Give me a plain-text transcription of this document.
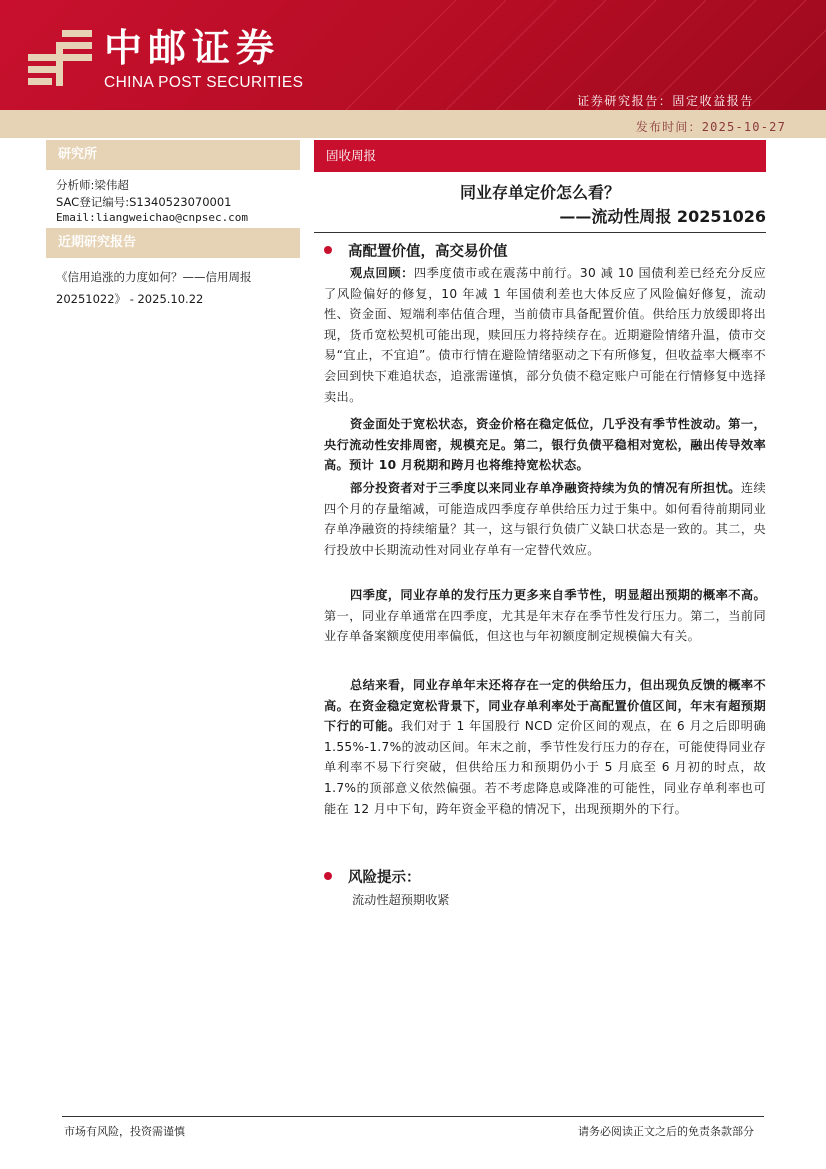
中邮证券
CHINA POST SECURITIES
证券研究报告：固定收益报告
发布时间：2025-10-27
研究所
分析师:梁伟超
SAC登记编号:S1340523070001
Email:liangweichao@cnpsec.com
近期研究报告
《信用追涨的力度如何？——信用周报
20251022》 - 2025.10.22
固收周报
同业存单定价怎么看？
——流动性周报 20251026
高配置价值，高交易价值

观点回顾：四季度债市或在震荡中前行。30 减 10 国债利差已经充分反应了风险偏好的修复，10 年减 1 年国债利差也大体反应了风险偏好修复，流动性、资金面、短端利率估值合理，当前债市具备配置价值。供给压力放缓即将出现，货币宽松契机可能出现，赎回压力将持续存在。近期避险情绪升温，债市交易“宜止，不宜追”。债市行情在避险情绪驱动之下有所修复，但收益率大概率不会回到快下难追状态，追涨需谨慎，部分负债不稳定账户可能在行情修复中选择卖出。

资金面处于宽松状态，资金价格在稳定低位，几乎没有季节性波动。第一，央行流动性安排周密，规模充足。第二，银行负债平稳相对宽松，融出传导效率高。预计 10 月税期和跨月也将维持宽松状态。

部分投资者对于三季度以来同业存单净融资持续为负的情况有所担忧。连续四个月的存量缩减，可能造成四季度存单供给压力过于集中。如何看待前期同业存单净融资的持续缩量？其一，这与银行负债广义缺口状态是一致的。其二，央行投放中长期流动性对同业存单有一定替代效应。

四季度，同业存单的发行压力更多来自季节性，明显超出预期的概率不高。第一，同业存单通常在四季度，尤其是年末存在季节性发行压力。第二，当前同业存单备案额度使用率偏低，但这也与年初额度制定规模偏大有关。

总结来看，同业存单年末还将存在一定的供给压力，但出现负反馈的概率不高。在资金稳定宽松背景下，同业存单利率处于高配置价值区间，年末有超预期下行的可能。我们对于 1 年国股行 NCD 定价区间的观点，在 6 月之后即明确 1.55%-1.7%的波动区间。年末之前，季节性发行压力的存在，可能使得同业存单利率不易下行突破，但供给压力和预期仍小于 5 月底至 6 月初的时点，故 1.7%的顶部意义依然偏强。若不考虑降息或降准的可能性，同业存单利率也可能在 12 月中下旬，跨年资金平稳的情况下，出现预期外的下行。

风险提示：
流动性超预期收紧
市场有风险，投资需谨慎	请务必阅读正文之后的免责条款部分
